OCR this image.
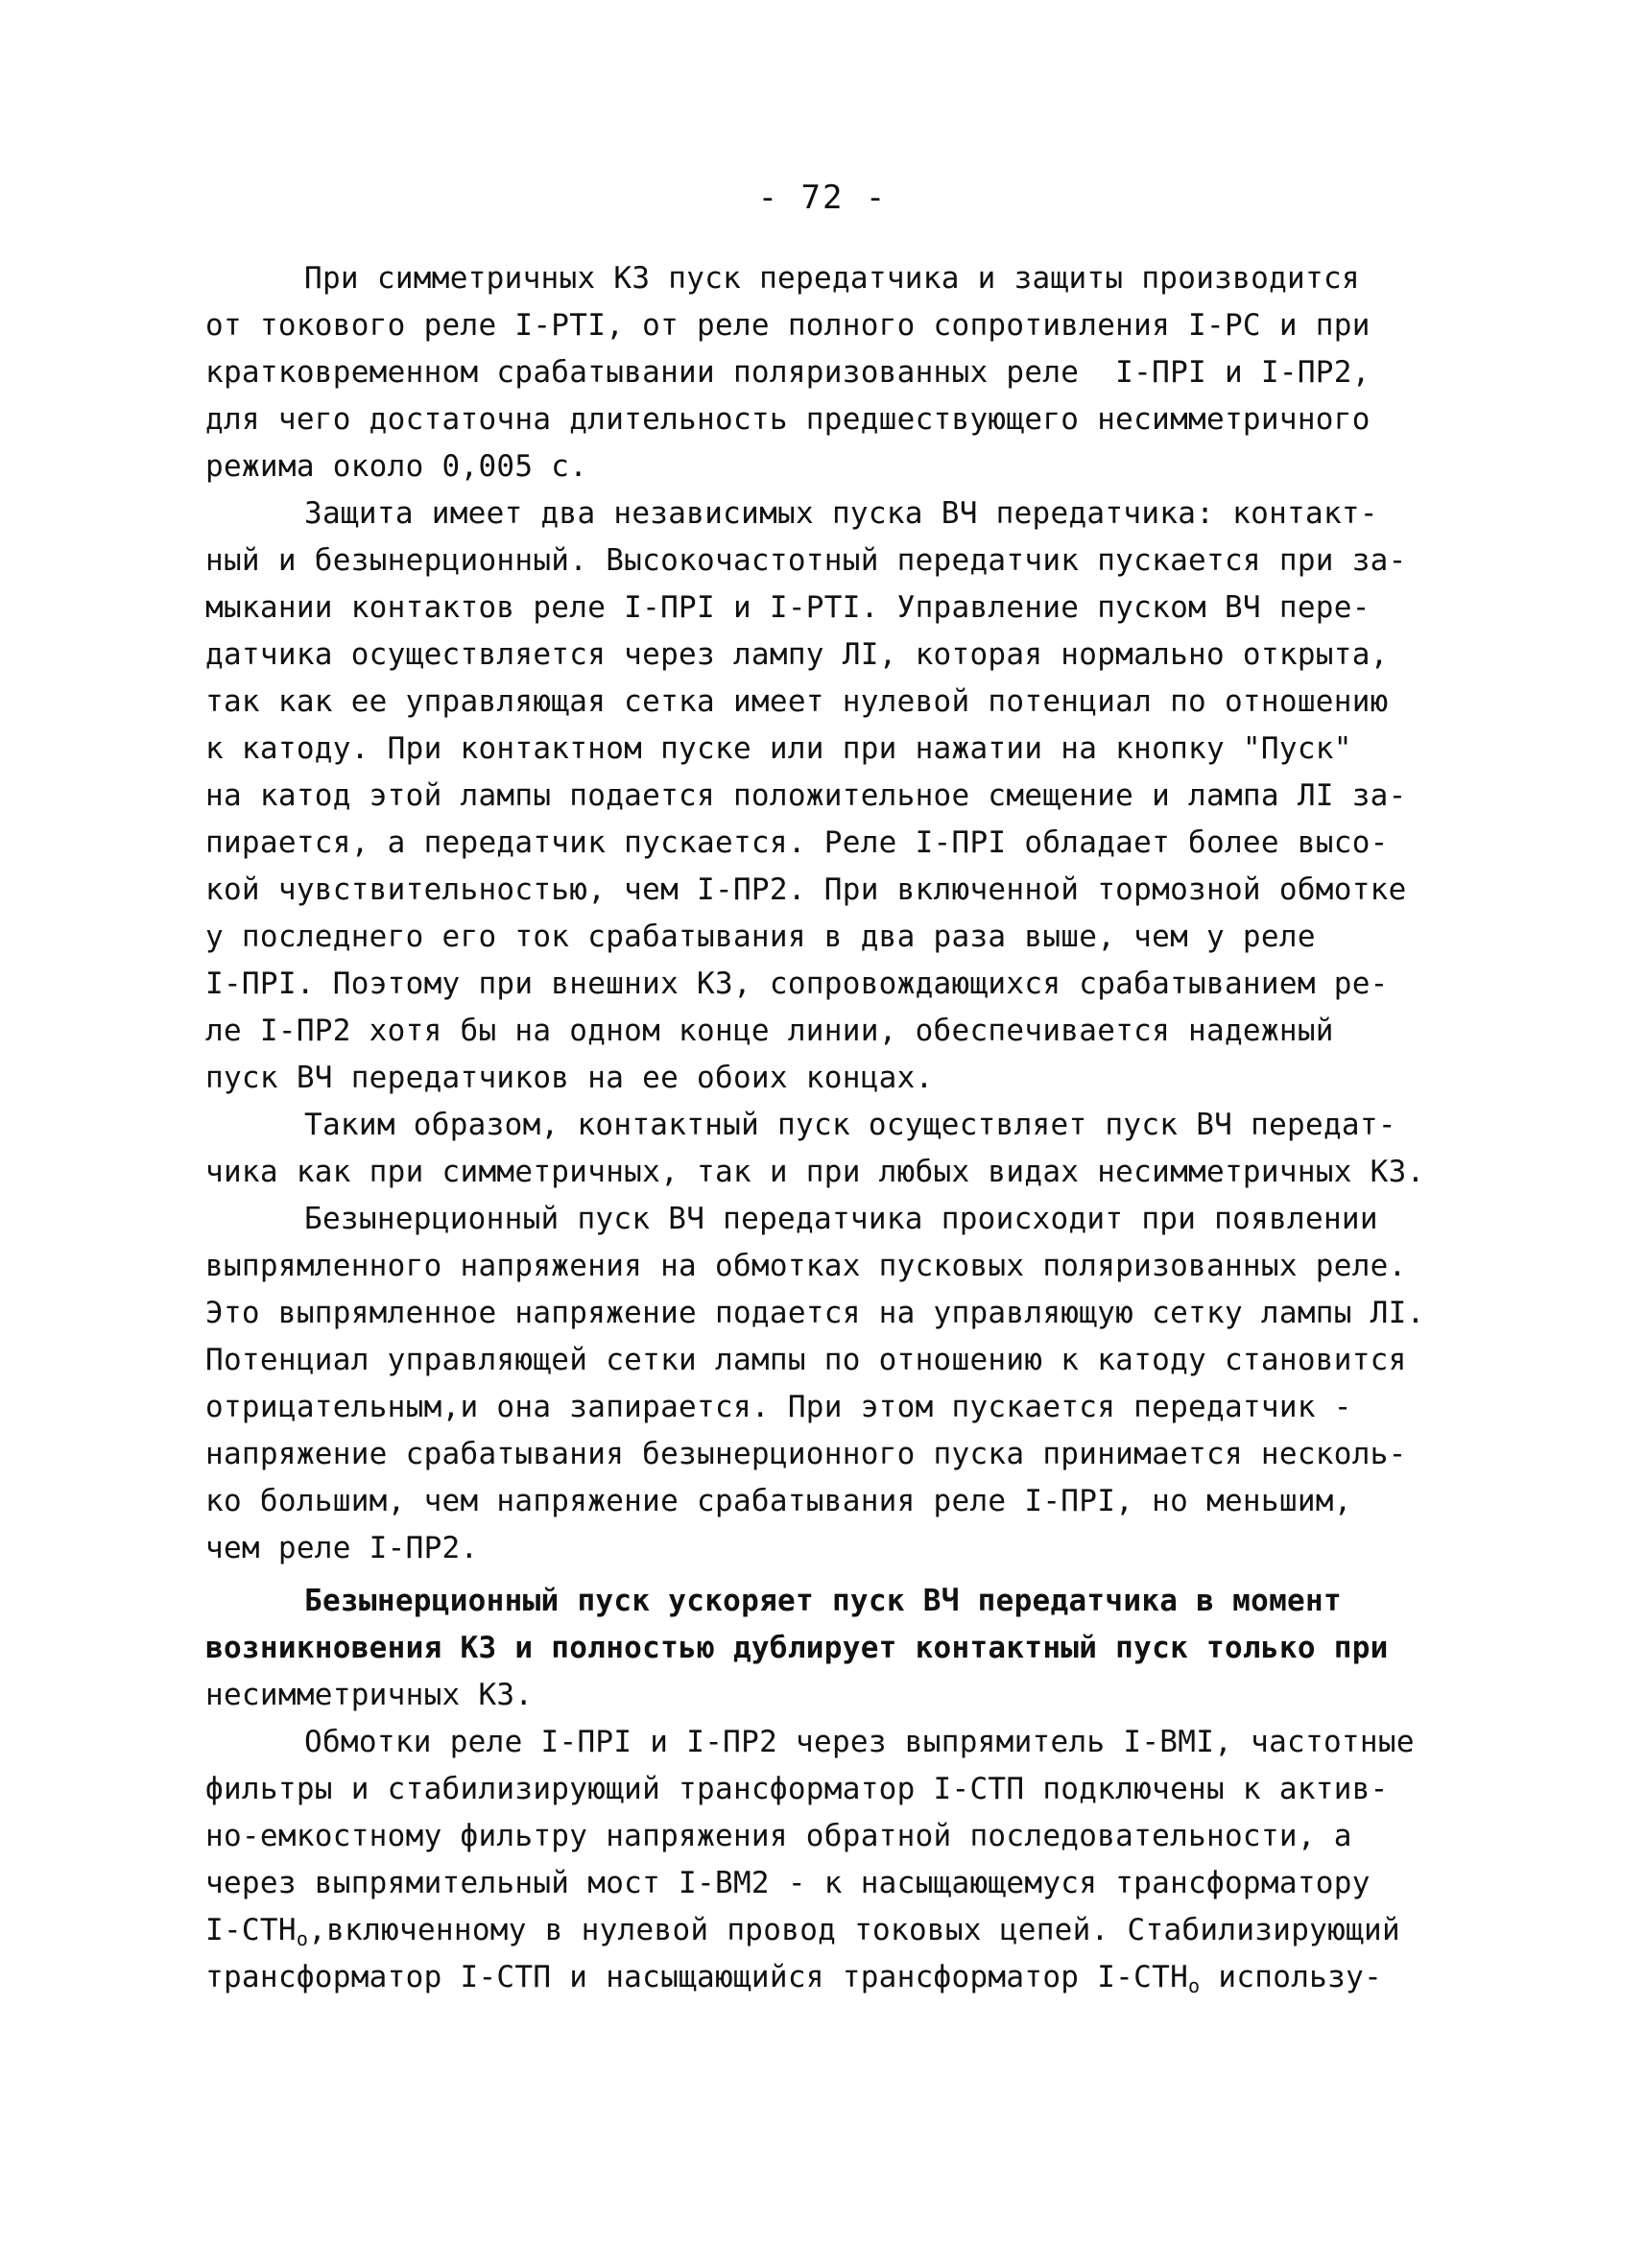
- 72 -
При симметричных КЗ пуск передатчика и защиты производится
от токового реле I-PTI, от реле полного сопротивления I-PC и при
кратковременном срабатывании поляризованных реле  I-ПРI и I-ПР2,
для чего достаточна длительность предшествующего несимметричного
режима около 0,005 с.
Защита имеет два независимых пуска ВЧ передатчика: контакт-
ный и безынерционный. Высокочастотный передатчик пускается при за-
мыкании контактов реле I-ПРI и I-PTI. Управление пуском ВЧ пере-
датчика осуществляется через лампу ЛI, которая нормально открыта,
так как ее управляющая сетка имеет нулевой потенциал по отношению
к катоду. При контактном пуске или при нажатии на кнопку "Пуск"
на катод этой лампы подается положительное смещение и лампа ЛI за-
пирается, а передатчик пускается. Реле I-ПРI обладает более высо-
кой чувствительностью, чем I-ПР2. При включенной тормозной обмотке
у последнего его ток срабатывания в два раза выше, чем у реле
I-ПРI. Поэтому при внешних КЗ, сопровождающихся срабатыванием ре-
ле I-ПР2 хотя бы на одном конце линии, обеспечивается надежный
пуск ВЧ передатчиков на ее обоих концах.
Таким образом, контактный пуск осуществляет пуск ВЧ передат-
чика как при симметричных, так и при любых видах несимметричных КЗ.
Безынерционный пуск ВЧ передатчика происходит при появлении
выпрямленного напряжения на обмотках пусковых поляризованных реле.
Это выпрямленное напряжение подается на управляющую сетку лампы ЛI.
Потенциал управляющей сетки лампы по отношению к катоду становится
отрицательным,и она запирается. При этом пускается передатчик -
напряжение срабатывания безынерционного пуска принимается несколь-
ко большим, чем напряжение срабатывания реле I-ПРI, но меньшим,
чем реле I-ПР2.
Безынерционный пуск ускоряет пуск ВЧ передатчика в момент
возникновения КЗ и полностью дублирует контактный пуск только при
несимметричных КЗ.
Обмотки реле I-ПРI и I-ПР2 через выпрямитель I-ВМI, частотные
фильтры и стабилизирующий трансформатор I-СТП подключены к актив-
но-емкостному фильтру напряжения обратной последовательности, а
через выпрямительный мост I-ВМ2 - к насыщающемуся трансформатору
$I-СТН_о,включенному$ в нулевой провод токовых цепей. Стабилизирующий
трансформатор I-СТП и насыщающийся трансформатор $I-СТН_о$ использу-
